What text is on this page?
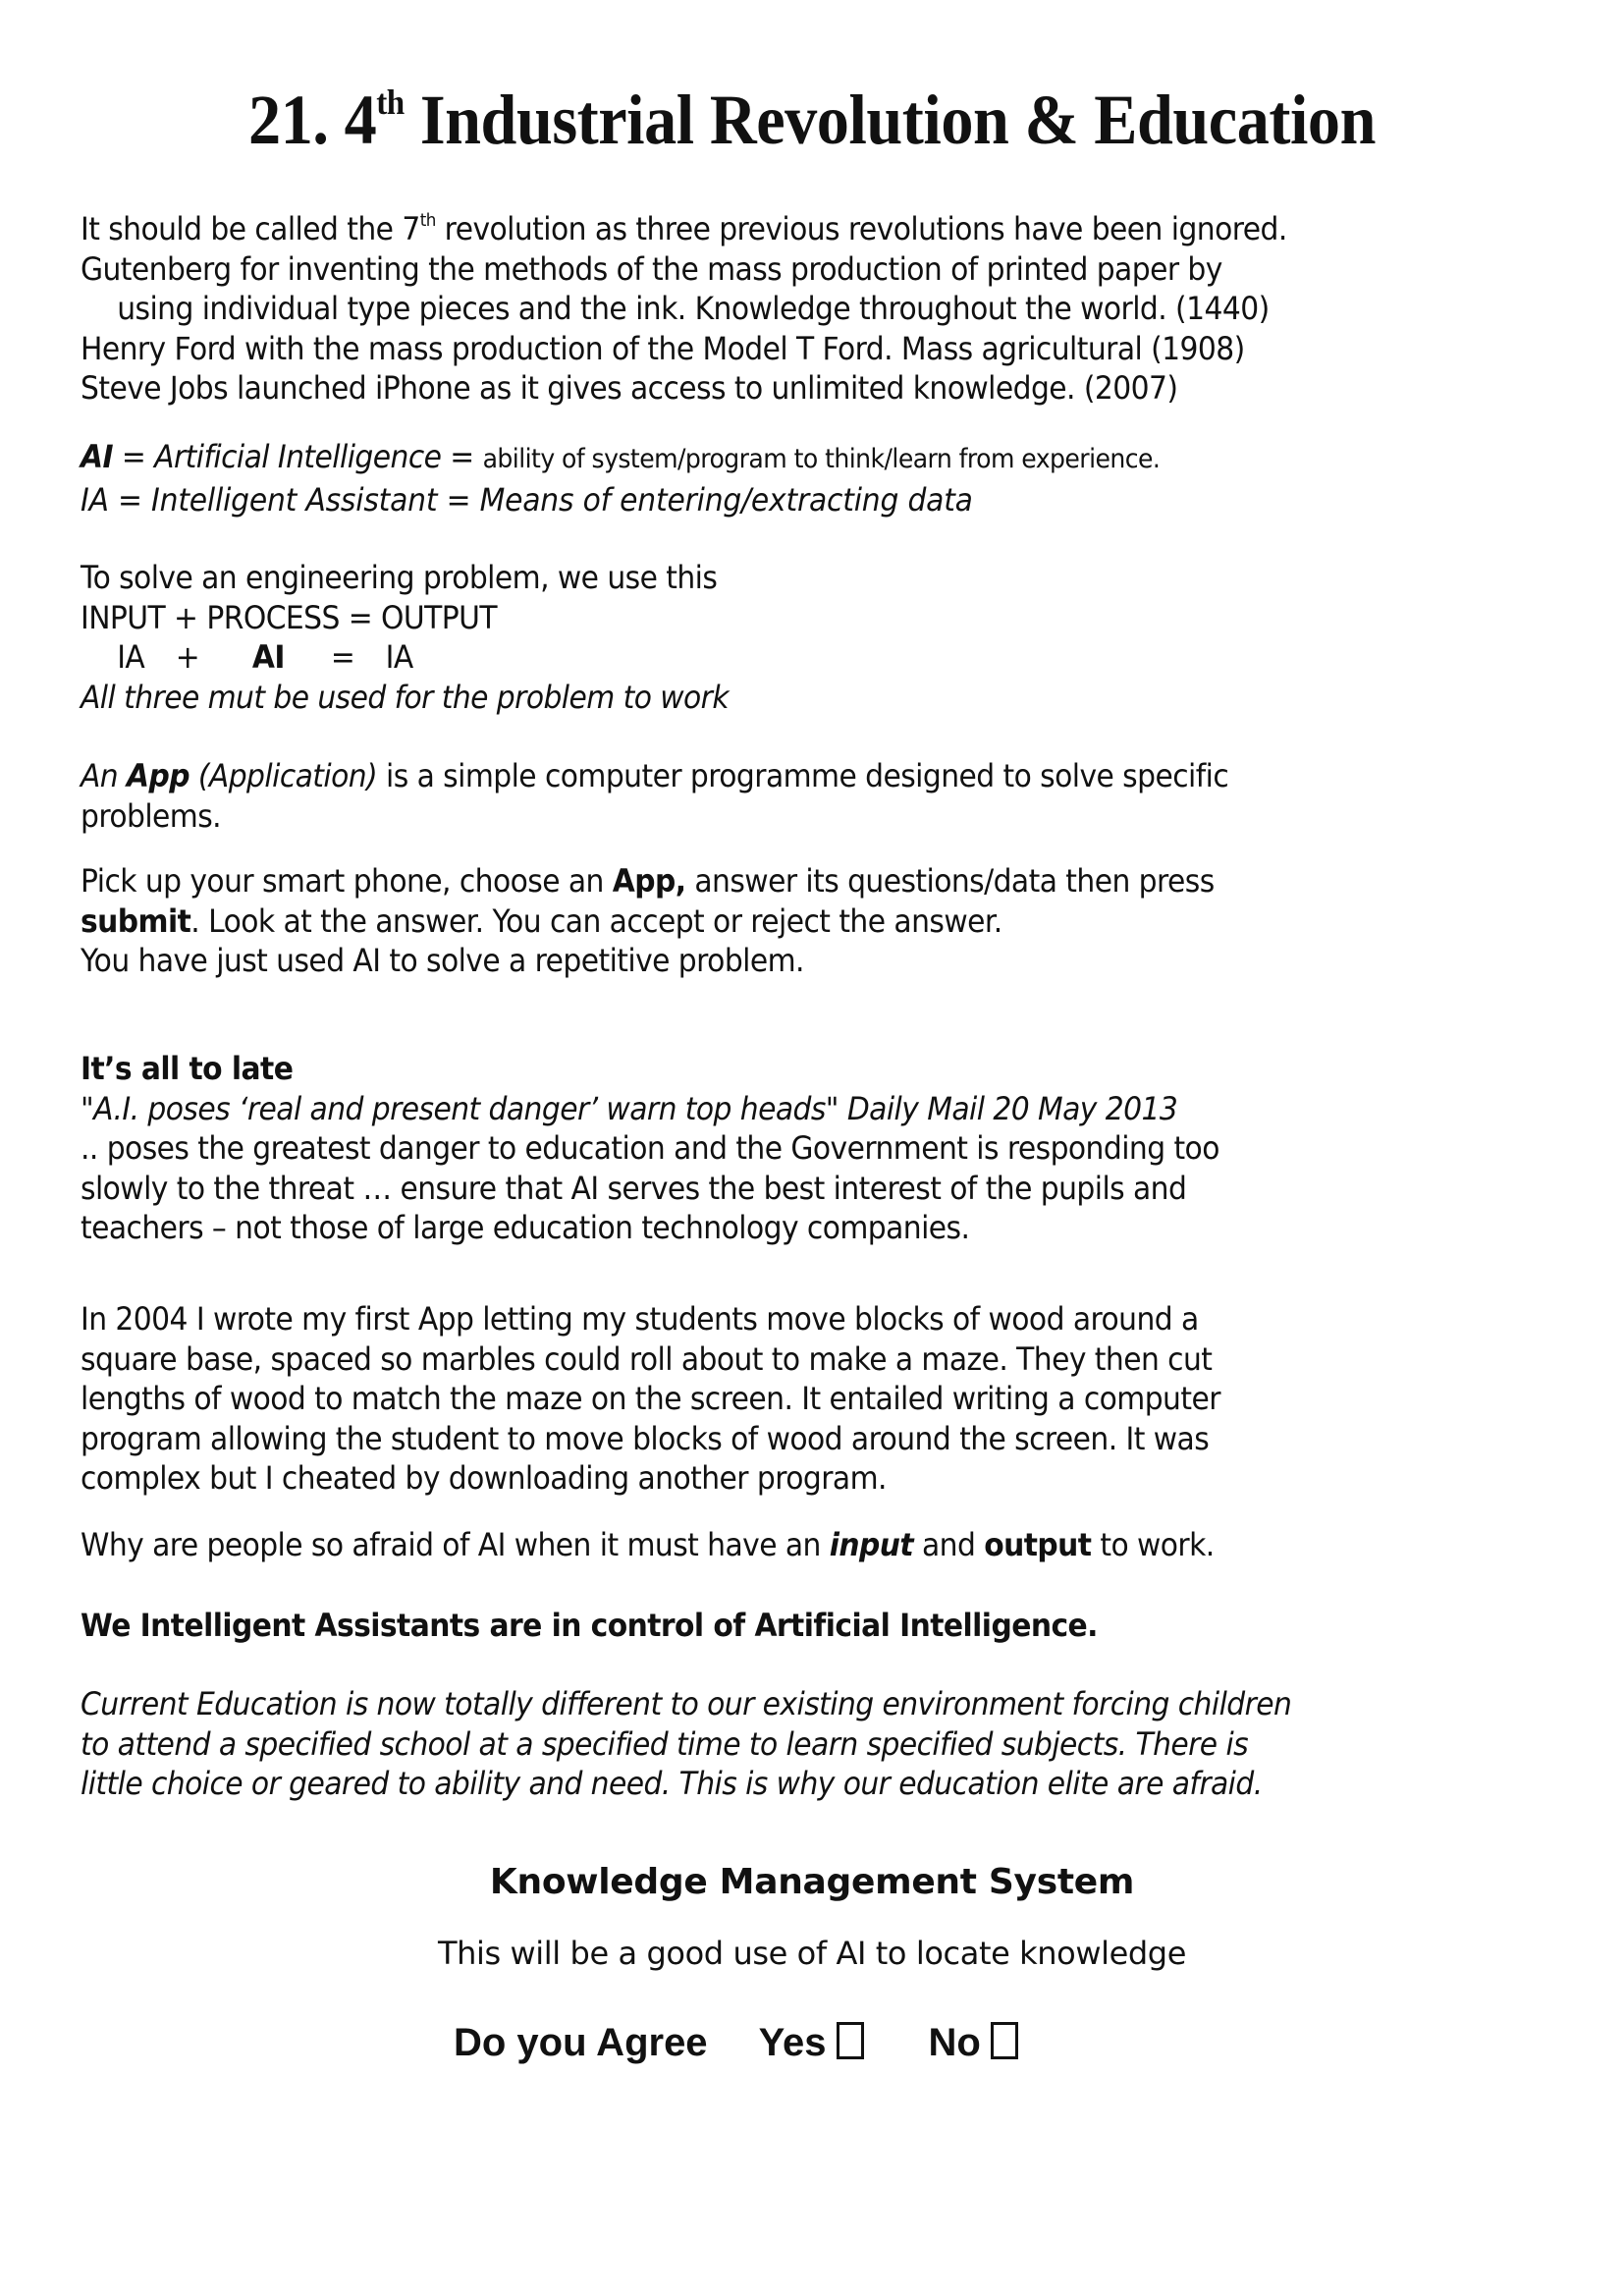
21. 4th Industrial Revolution & Education
It should be called the 7th revolution as three previous revolutions have been ignored.
Gutenberg for inventing the methods of the mass production of printed paper by
using individual type pieces and the ink. Knowledge throughout the world. (1440)
Henry Ford with the mass production of the Model T Ford. Mass agricultural (1908)
Steve Jobs launched iPhone as it gives access to unlimited knowledge. (2007)
AI = Artificial Intelligence = ability of system/program to think/learn from experience.
IA = Intelligent Assistant = Means of entering/extracting data
To solve an engineering problem, we use this
INPUT + PROCESS = OUTPUT
IA + AI = IA
All three mut be used for the problem to work
An App (Application) is a simple computer programme designed to solve specific
problems.
Pick up your smart phone, choose an App, answer its questions/data then press
submit. Look at the answer. You can accept or reject the answer.
You have just used AI to solve a repetitive problem.
It’s all to late
"A.I. poses ‘real and present danger’ warn top heads" Daily Mail 20 May 2013
.. poses the greatest danger to education and the Government is responding too
slowly to the threat … ensure that AI serves the best interest of the pupils and
teachers – not those of large education technology companies.
In 2004 I wrote my first App letting my students move blocks of wood around a
square base, spaced so marbles could roll about to make a maze. They then cut
lengths of wood to match the maze on the screen. It entailed writing a computer
program allowing the student to move blocks of wood around the screen. It was
complex but I cheated by downloading another program.
Why are people so afraid of AI when it must have an input and output to work.
We Intelligent Assistants are in control of Artificial Intelligence.
Current Education is now totally different to our existing environment forcing children
to attend a specified school at a specified time to learn specified subjects. There is
little choice or geared to ability and need. This is why our education elite are afraid.
Knowledge Management System
This will be a good use of AI to locate knowledge
Do you Agree Yes	No
